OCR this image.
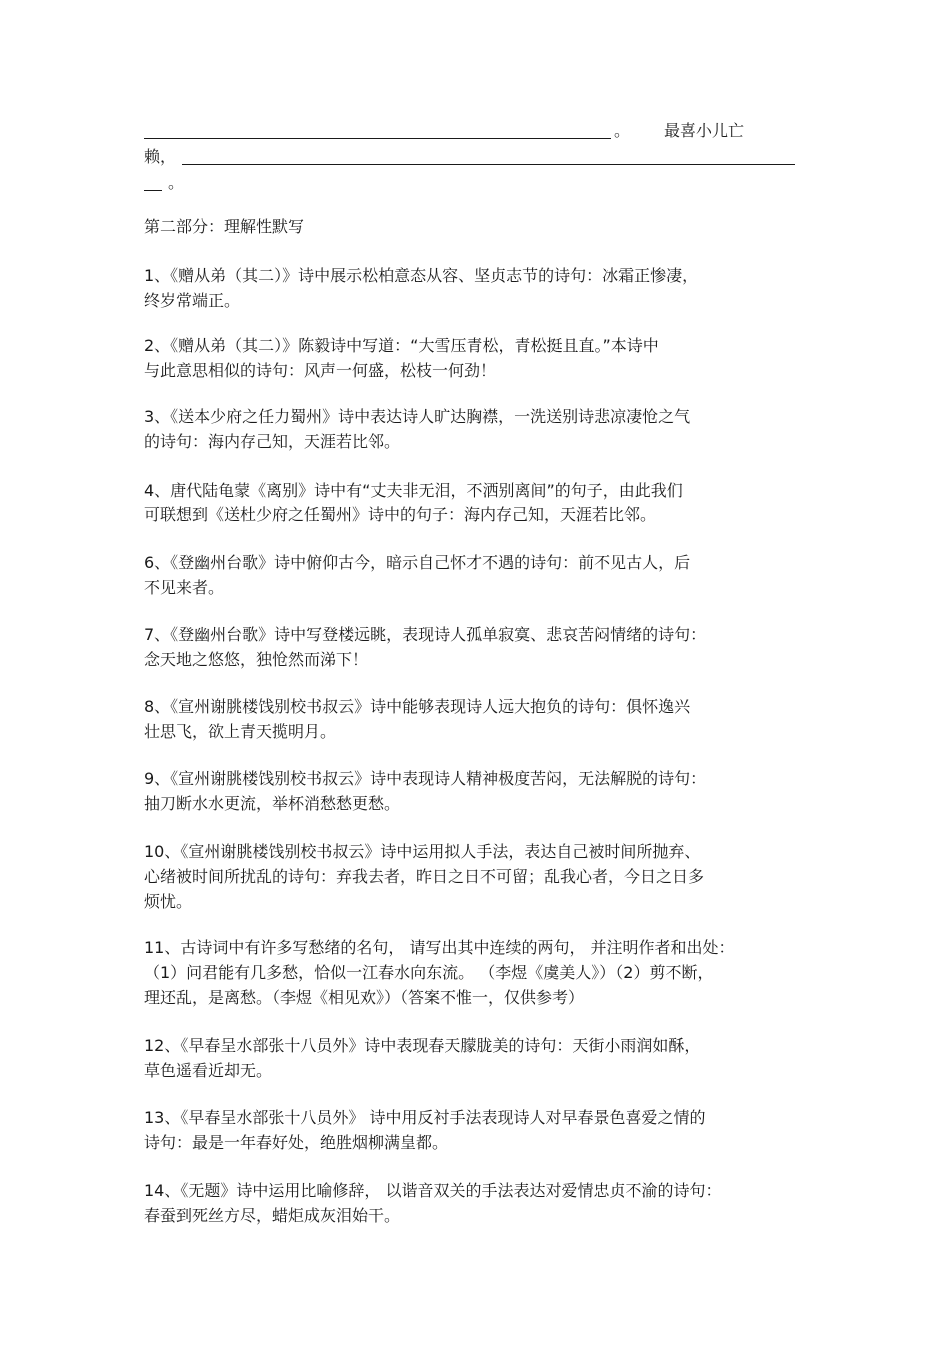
。 最喜小儿亡
赖，
。
第二部分：理解性默写
1、《赠从弟（其二）》诗中展示松柏意态从容、坚贞志节的诗句：冰霜正惨凄，
终岁常端正。
2、《赠从弟（其二）》陈毅诗中写道：“大雪压青松，青松挺且直。”本诗中
与此意思相似的诗句：风声一何盛，松枝一何劲！
3、《送本少府之任力蜀州》诗中表达诗人旷达胸襟，一洗送别诗悲凉凄怆之气
的诗句：海内存己知，天涯若比邻。
4、唐代陆龟蒙《离别》诗中有“丈夫非无泪，不洒别离间”的句子，由此我们
可联想到《送杜少府之任蜀州》诗中的句子：海内存己知，天涯若比邻。
6、《登幽州台歌》诗中俯仰古今，暗示自己怀才不遇的诗句：前不见古人，后
不见来者。
7、《登幽州台歌》诗中写登楼远眺，表现诗人孤单寂寞、悲哀苦闷情绪的诗句：
念天地之悠悠，独怆然而涕下！
8、《宣州谢朓楼饯别校书叔云》诗中能够表现诗人远大抱负的诗句：俱怀逸兴
壮思飞，欲上青天揽明月。
9、《宣州谢朓楼饯别校书叔云》诗中表现诗人精神极度苦闷，无法解脱的诗句：
抽刀断水水更流，举杯消愁愁更愁。
10、《宣州谢朓楼饯别校书叔云》诗中运用拟人手法，表达自己被时间所抛弃、
心绪被时间所扰乱的诗句：弃我去者，昨日之日不可留；乱我心者，今日之日多
烦忧。
11、古诗词中有许多写愁绪的名句， 请写出其中连续的两句， 并注明作者和出处：
（1）问君能有几多愁，恰似一江春水向东流。 （李煜《虞美人》）（2）剪不断，
理还乱，是离愁。（李煜《相见欢》）（答案不惟一，仅供参考）
12、《早春呈水部张十八员外》诗中表现春天朦胧美的诗句：天街小雨润如酥，
草色遥看近却无。
13、《早春呈水部张十八员外》 诗中用反衬手法表现诗人对早春景色喜爱之情的
诗句：最是一年春好处，绝胜烟柳满皇都。
14、《无题》诗中运用比喻修辞， 以谐音双关的手法表达对爱情忠贞不渝的诗句：
春蚕到死丝方尽，蜡炬成灰泪始干。
